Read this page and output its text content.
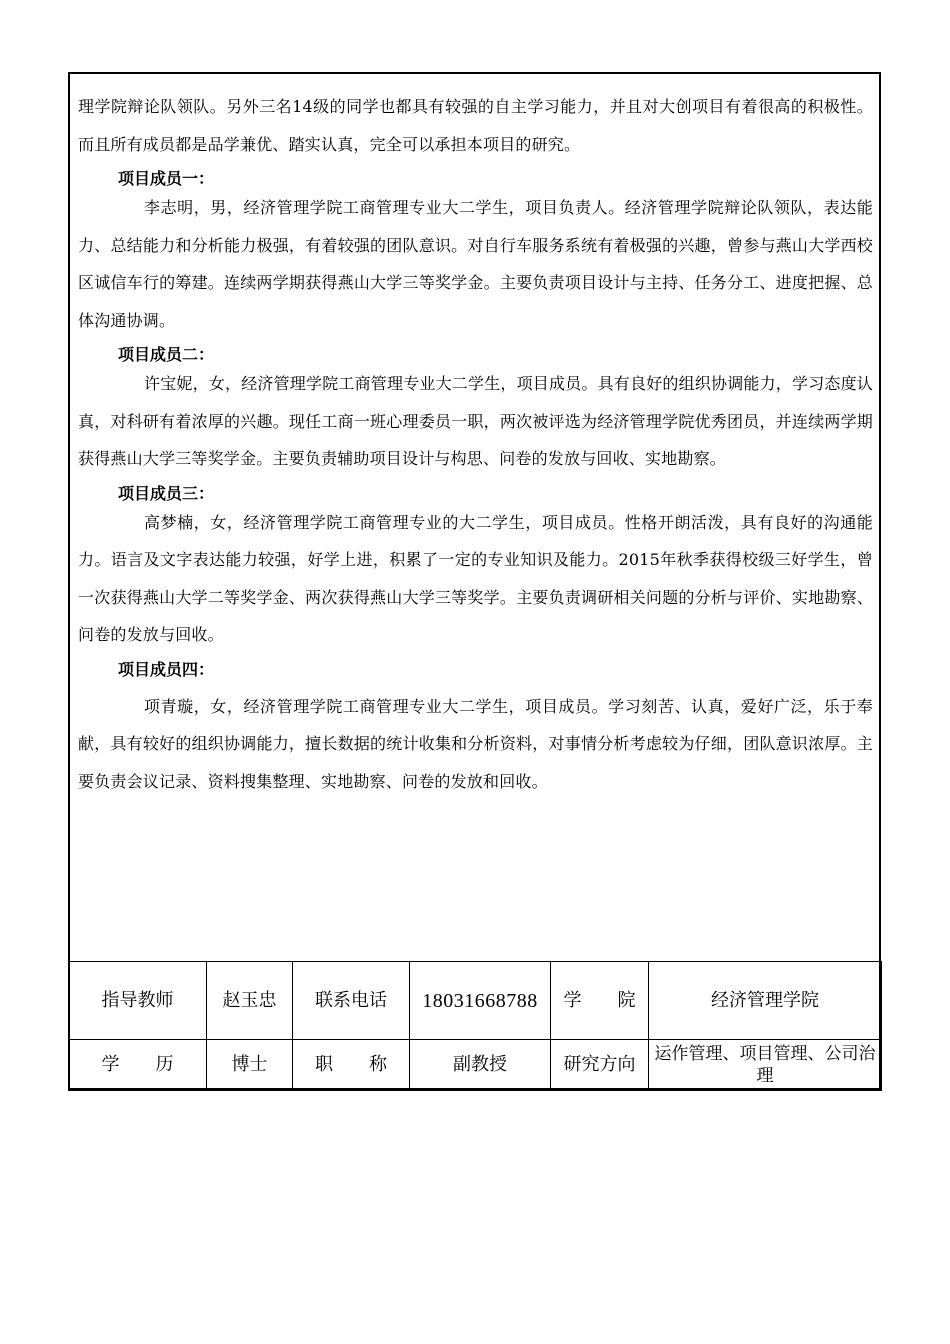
理学院辩论队领队。另外三名14级的同学也都具有较强的自主学习能力，并且对大创项目有着很高的积极性。而且所有成员都是品学兼优、踏实认真，完全可以承担本项目的研究。

项目成员一：

李志明，男，经济管理学院工商管理专业大二学生，项目负责人。经济管理学院辩论队领队，表达能力、总结能力和分析能力极强，有着较强的团队意识。对自行车服务系统有着极强的兴趣，曾参与燕山大学西校区诚信车行的筹建。连续两学期获得燕山大学三等奖学金。主要负责项目设计与主持、任务分工、进度把握、总体沟通协调。

项目成员二：

许宝妮，女，经济管理学院工商管理专业大二学生，项目成员。具有良好的组织协调能力，学习态度认真，对科研有着浓厚的兴趣。现任工商一班心理委员一职，两次被评选为经济管理学院优秀团员，并连续两学期获得燕山大学三等奖学金。主要负责辅助项目设计与构思、问卷的发放与回收、实地勘察。

项目成员三：

高梦楠，女，经济管理学院工商管理专业的大二学生，项目成员。性格开朗活泼，具有良好的沟通能力。语言及文字表达能力较强，好学上进，积累了一定的专业知识及能力。2015年秋季获得校级三好学生，曾一次获得燕山大学二等奖学金、两次获得燕山大学三等奖学。主要负责调研相关问题的分析与评价、实地勘察、问卷的发放与回收。

项目成员四：

项青璇，女，经济管理学院工商管理专业大二学生，项目成员。学习刻苦、认真，爱好广泛，乐于奉献，具有较好的组织协调能力，擅长数据的统计收集和分析资料，对事情分析考虑较为仔细，团队意识浓厚。主要负责会议记录、资料搜集整理、实地勘察、问卷的发放和回收。

指导教师	赵玉忠	联系电话	18031668788	学　　院	经济管理学院
学　　历	博士	职　　称	副教授	研究方向	运作管理、项目管理、公司治理
